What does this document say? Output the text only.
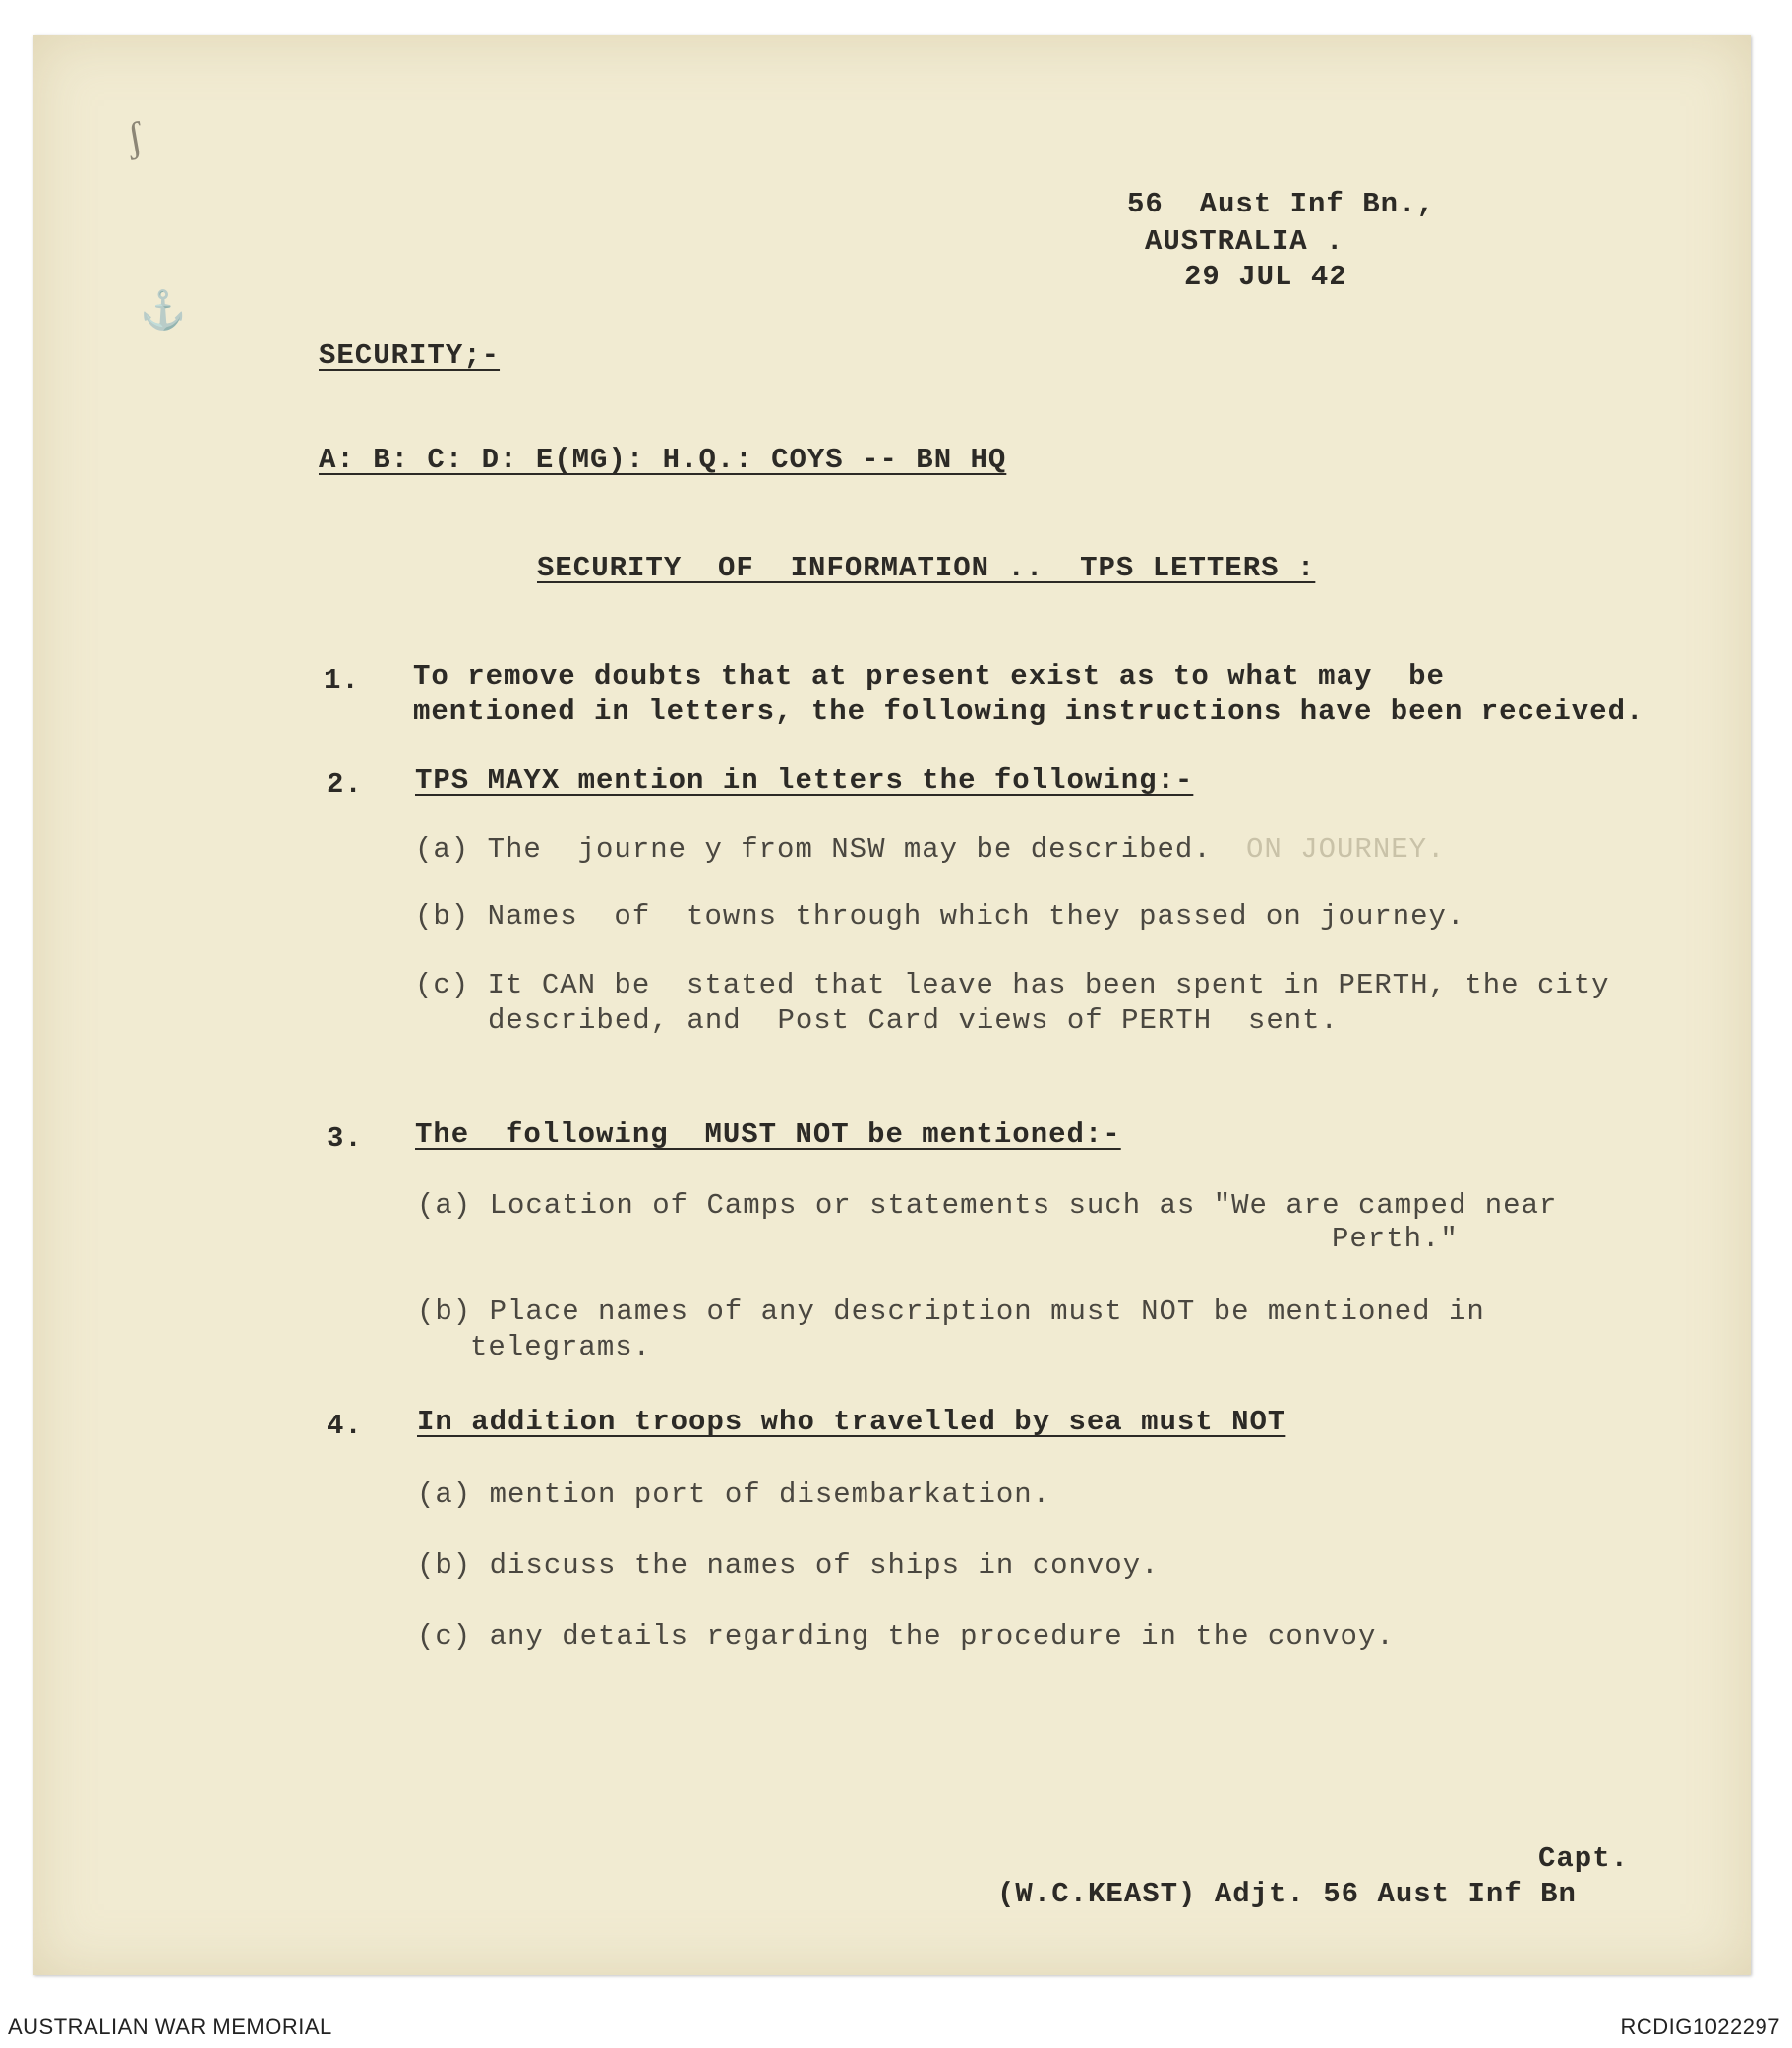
ʃ
⚓
56  Aust Inf Bn.,
AUSTRALIA .
29 JUL 42
SECURITY;-
A: B: C: D: E(MG): H.Q.: COYS -- BN HQ
SECURITY  OF  INFORMATION ..  TPS LETTERS :
1. To remove doubts that at present exist as to what may  be
mentioned in letters, the following instructions have been received.
2. TPS MAYX mention in letters the following:-
(a) The  journe y from NSW may be described. ON JOURNEY.
(b) Names  of  towns through which they passed on journey.
(c) It CAN be  stated that leave has been spent in PERTH, the city
described, and  Post Card views of PERTH  sent.
3. The  following  MUST NOT be mentioned:-
(a) Location of Camps or statements such as "We are camped near
Perth."
(b) Place names of any description must NOT be mentioned in
telegrams.
4. In addition troops who travelled by sea must NOT
(a) mention port of disembarkation.
(b) discuss the names of ships in convoy.
(c) any details regarding the procedure in the convoy.
Capt.
(W.C.KEAST) Adjt. 56 Aust Inf Bn
AUSTRALIAN WAR MEMORIAL	RCDIG1022297
